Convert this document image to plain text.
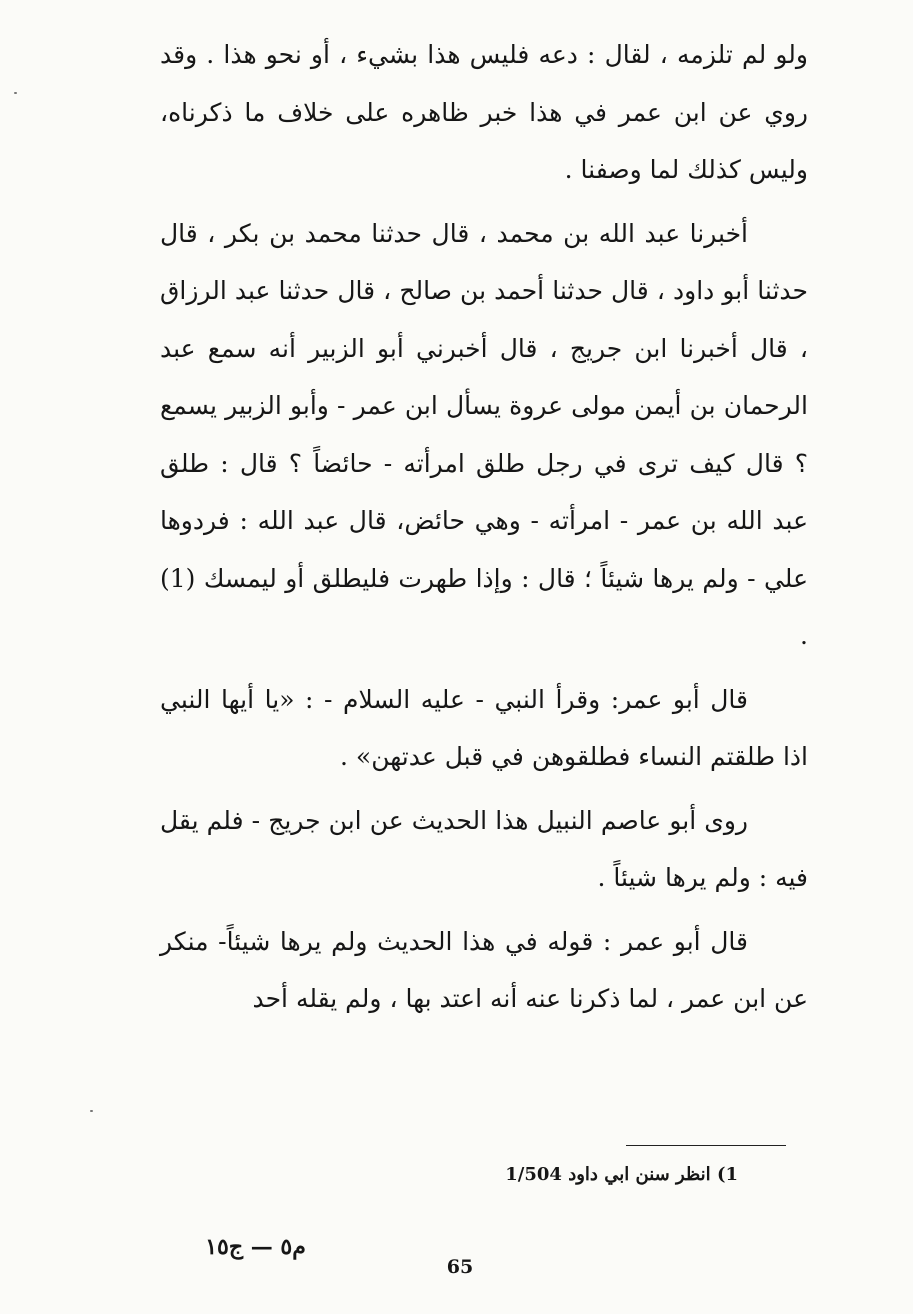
ولو لم تلزمه ، لقال : دعه فليس هذا بشيء ، أو نحو هذا . وقد روي عن ابن عمر في هذا خبر ظاهره على خلاف ما ذكرناه، وليس كذلك لما وصفنا .

أخبرنا عبد الله بن محمد ، قال حدثنا محمد بن بكر ، قال حدثنا أبو داود ، قال حدثنا أحمد بن صالح ، قال حدثنا عبد الرزاق ، قال أخبرنا ابن جريج ، قال أخبرني أبو الزبير أنه سمع عبد الرحمان بن أيمن مولى عروة يسأل ابن عمر - وأبو الزبير يسمع ؟ قال كيف ترى في رجل طلق امرأته - حائضاً ؟ قال : طلق عبد الله بن عمر - امرأته - وهي حائض، قال عبد الله : فردوها علي - ولم يرها شيئاً ؛ قال : وإذا طهرت فليطلق أو ليمسك (1) .

قال أبو عمر: وقرأ النبي - عليه السلام - : «يا أيها النبي اذا طلقتم النساء فطلقوهن في قبل عدتهن» .

روى أبو عاصم النبيل هذا الحديث عن ابن جريج - فلم يقل فيه : ولم يرها شيئاً .

قال أبو عمر : قوله في هذا الحديث ولم يرها شيئاً- منكر عن ابن عمر ، لما ذكرنا عنه أنه اعتد بها ، ولم يقله أحد

1) انظر سنن ابي داود 1/504
م٥ — ج١٥
65
